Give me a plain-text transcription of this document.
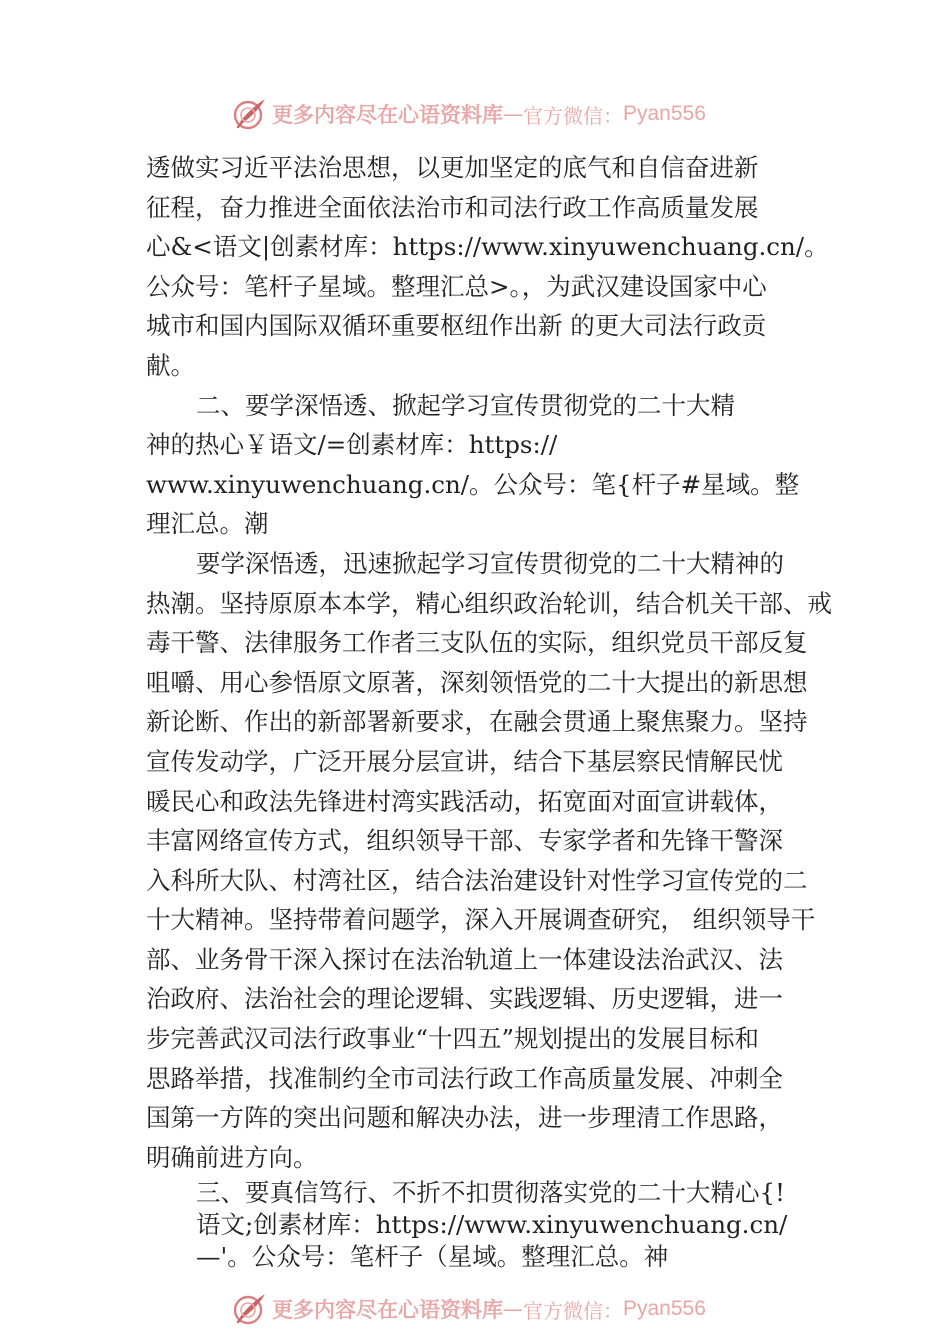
更多内容尽在心语资料库 — 官方微信： Pyan556
透做实习近平法治思想，以更加坚定的底气和自信奋进新
征程，奋力推进全面依法治市和司法行政工作高质量发展
心&<语文|创素材库：https://www.xinyuwenchuang.cn/。
公众号：笔杆子星域。整理汇总>。，为武汉建设国家中心
城市和国内国际双循环重要枢纽作出新 的更大司法行政贡
献。
二、要学深悟透、掀起学习宣传贯彻党的二十大精
神的热心￥语文/=创素材库：https://
www.xinyuwenchuang.cn/。公众号：笔{杆子#星域。整
理汇总。潮
要学深悟透，迅速掀起学习宣传贯彻党的二十大精神的
热潮。坚持原原本本学，精心组织政治轮训，结合机关干部、戒
毒干警、法律服务工作者三支队伍的实际，组织党员干部反复
咀嚼、用心参悟原文原著，深刻领悟党的二十大提出的新思想
新论断、作出的新部署新要求，在融会贯通上聚焦聚力。坚持
宣传发动学，广泛开展分层宣讲，结合下基层察民情解民忧
暖民心和政法先锋进村湾实践活动，拓宽面对面宣讲载体，
丰富网络宣传方式，组织领导干部、专家学者和先锋干警深
入科所大队、村湾社区，结合法治建设针对性学习宣传党的二
十大精神。坚持带着问题学，深入开展调查研究， 组织领导干
部、业务骨干深入探讨在法治轨道上一体建设法治武汉、法
治政府、法治社会的理论逻辑、实践逻辑、历史逻辑，进一
步完善武汉司法行政事业“十四五”规划提出的发展目标和
思路举措，找准制约全市司法行政工作高质量发展、冲刺全
国第一方阵的突出问题和解决办法，进一步理清工作思路，
明确前进方向。
三、要真信笃行、不折不扣贯彻落实党的二十大精心{!
语文;创素材库：https://www.xinyuwenchuang.cn/
—'。公众号：笔杆子（星域。整理汇总。神
更多内容尽在心语资料库 — 官方微信： Pyan556
